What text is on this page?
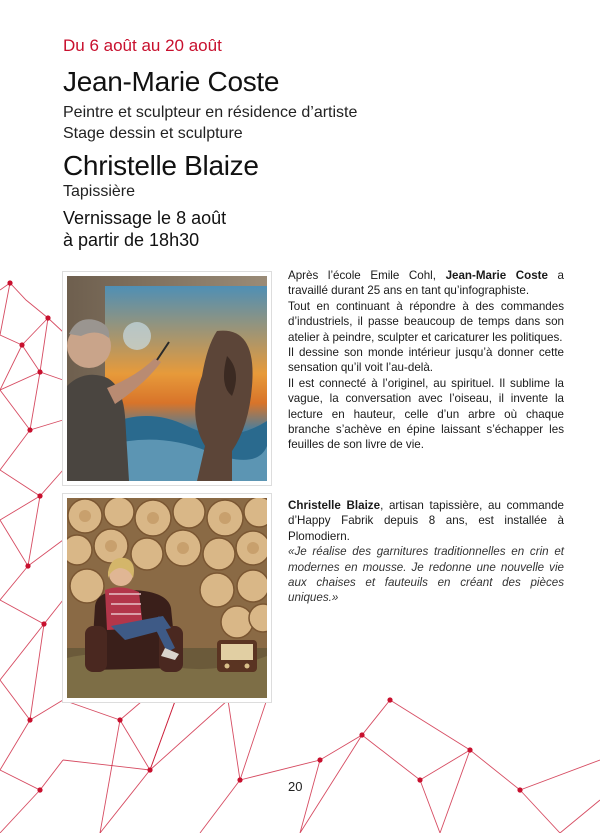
Du 6 août au 20 août
Jean-Marie Coste
Peintre et sculpteur en résidence d’artiste
Stage dessin et sculpture
Christelle Blaize
Tapissière
Vernissage le 8 août
à partir de 18h30

Après l’école Emile Cohl, Jean-Marie Coste a travaillé durant 25 ans en tant qu’infographiste.

Tout en continuant à répondre à des commandes d’industriels, il passe beaucoup de temps dans son atelier à peindre, sculpter et caricaturer les politiques.

Il dessine son monde intérieur jusqu’à donner cette sensation qu’il voit l’au-delà.

Il est connecté à l’originel, au spirituel. Il sublime la vague, la conversation avec l’oiseau, il invente la lecture en hauteur, celle d’un arbre où chaque branche s’achève en épine laissant s’échapper les feuilles de son livre de vie.

Christelle Blaize, artisan tapissière, au commande d’Happy Fabrik depuis 8 ans, est installée à Plomodiern.

«Je réalise des garnitures traditionnelles en crin et modernes en mousse. Je redonne une nouvelle vie aux chaises et fauteuils en créant des pièces uniques.»

20
